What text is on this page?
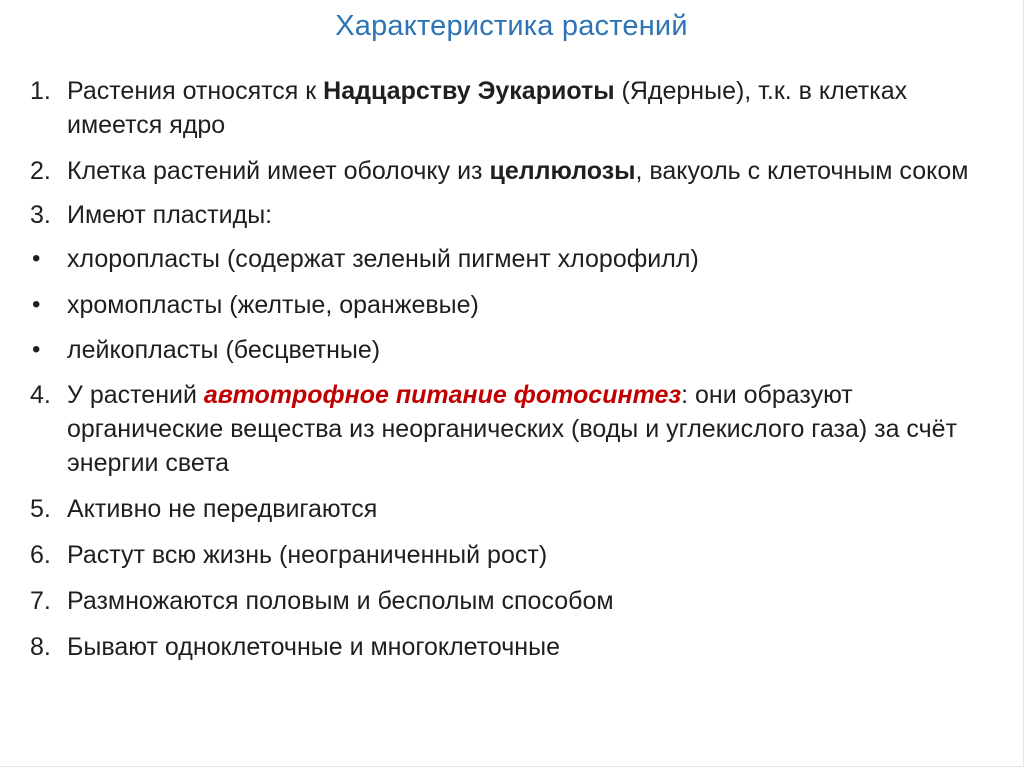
Характеристика растений
1. Растения относятся к Надцарству Эукариоты (Ядерные), т.к. в клетках имеется ядро
2. Клетка растений имеет оболочку из целлюлозы, вакуоль с клеточным соком
3. Имеют пластиды:
•	хлоропласты (содержат зеленый пигмент хлорофилл)
•	хромопласты (желтые, оранжевые)
•	лейкопласты (бесцветные)
4. У растений автотрофное питание фотосинтез: они образуют органические вещества из неорганических (воды и углекислого газа) за счёт энергии света
5. Активно не передвигаются
6. Растут всю жизнь (неограниченный рост)
7. Размножаются половым и бесполым способом
8. Бывают одноклеточные и многоклеточные
